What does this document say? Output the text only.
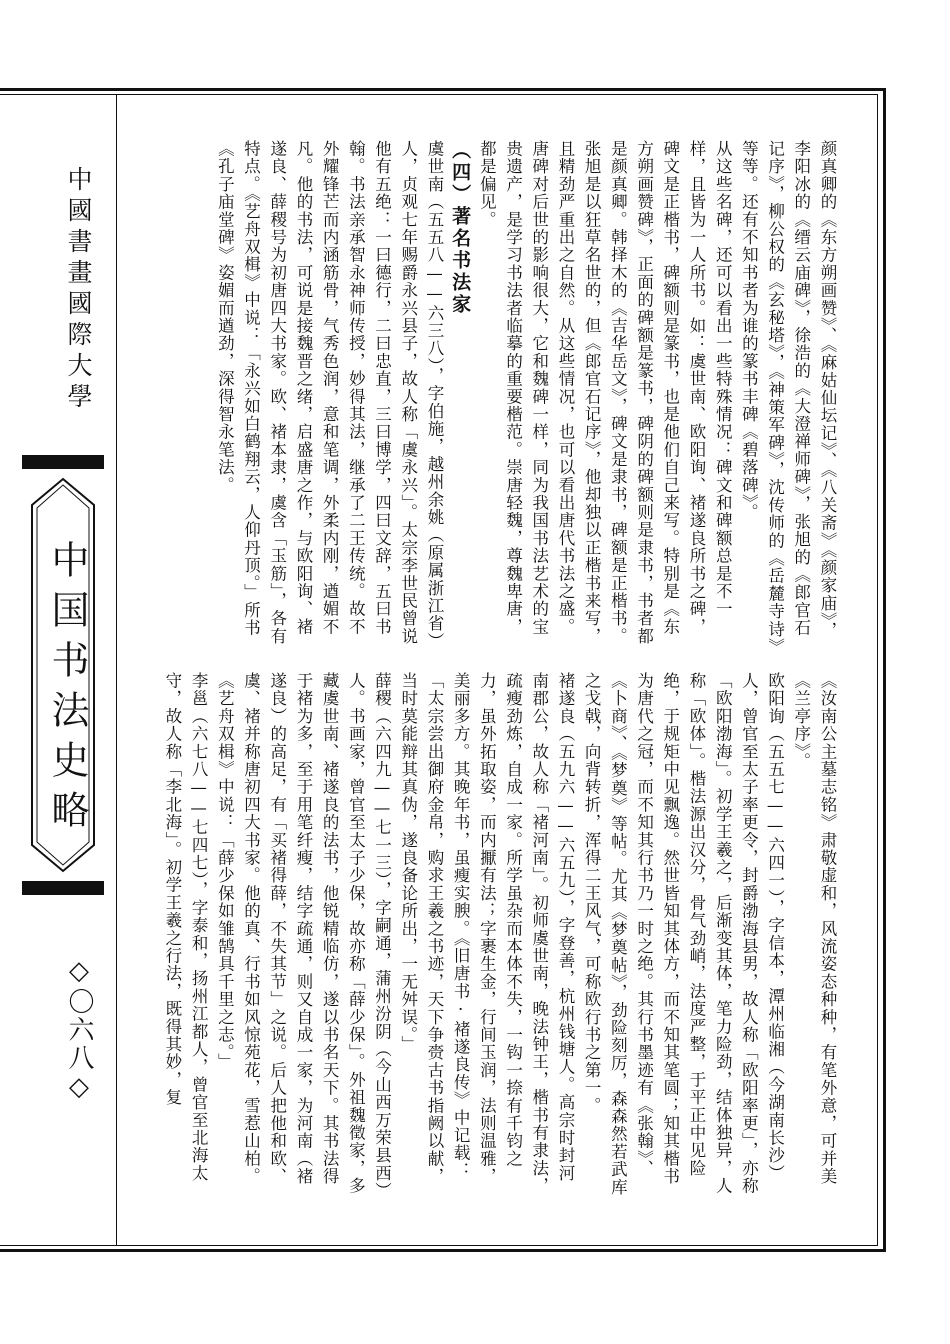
中國書畫國際大學
中国书法史略
◇〇六八◇

颜真卿的《东方朔画赞》、《麻姑仙坛记》、《八关斋》《颜家庙》，李阳冰的《缙云庙碑》，徐浩的《大澄禅师碑》，张旭的《郎官石记序》，柳公权的《玄秘塔》，《神策军碑》，沈传师的《岳麓寺诗》等等。还有不知书者为谁的篆书丰碑《碧落碑》。

从这些名碑，还可以看出一些特殊情况：碑文和碑额总是不一样，且皆为一人所书。如：虞世南、欧阳询、褚遂良所书之碑，碑文是正楷书，碑额则是篆书，也是他们自己来写。特别是《东方朔画赞碑》，正面的碑额是篆书，碑阴的碑额则是隶书，书者都是颜真卿。韩择木的《吉华岳文》，碑文是隶书，碑额是正楷书。张旭是以狂草名世的，但《郎官石记序》，他却独以正楷书来写，且精劲严重出之自然。从这些情况，也可以看出唐代书法之盛。

唐碑对后世的影响很大，它和魏碑一样，同为我国书法艺术的宝贵遗产，是学习书法者临摹的重要楷范。崇唐轻魏，尊魏卑唐，都是偏见。

（四）著名书法家

虞世南（五五八——六三八），字伯施，越州余姚（原属浙江省）人，贞观七年赐爵永兴县子，故人称「虞永兴」。太宗李世民曾说他有五绝：一曰德行，二曰忠直，三曰博学，四曰文辞，五曰书翰。书法亲承智永神师传授，妙得其法，继承了二王传统。故不外耀锋芒而内涵筋骨，气秀色润，意和笔调，外柔内刚，遒媚不凡。他的书法，可说是接魏晋之绪，启盛唐之作，与欧阳询、褚遂良、薛稷号为初唐四大书家。欧、褚本隶，虞含「玉筋」，各有特点。《艺舟双楫》中说：「永兴如白鹤翔云，人仰丹顶。」所书《孔子庙堂碑》姿媚而遒劲，深得智永笔法。

《汝南公主墓志铭》肃敬虚和，风流姿态种种，有笔外意，可并美《兰亭序》。

欧阳询（五五七——六四一），字信本，潭州临湘（今湖南长沙）人，曾官至太子率更令，封爵渤海县男，故人称「欧阳率更」，亦称「欧阳渤海」。初学王羲之，后渐变其体，笔力险劲，结体独异，人称「欧体」。楷法源出汉分，骨气劲峭，法度严整，于平正中见险绝，于规矩中见飘逸。然世皆知其体方，而不知其笔圆；知其楷书为唐代之冠，而不知其行书乃一时之绝。其行书墨迹有《张翰》、《卜商》、《梦奠》等帖。尤其《梦奠帖》，劲险刻厉，森森然若武库之戈戟，向背转折，浑得二王风气，可称欧行书之第一。

褚遂良（五九六——六五九），字登善，杭州钱塘人。高宗时封河南郡公，故人称「褚河南」。初师虞世南，晚法钟王，楷书有隶法，疏瘦劲炼，自成一家。所学虽杂而本体不失，一钩一捺有千钧之力，虽外拓取姿，而内擫有法；字裹生金，行间玉润，法则温雅，美丽多方。其晚年书，虽瘦实腴。《旧唐书·褚遂良传》中记载：「太宗尝出御府金帛，购求王羲之书迹，天下争赍古书指阙以献，当时莫能辩其真伪，遂良备论所出，一无舛误。」

薛稷（六四九——七一三），字嗣通，蒲州汾阴（今山西万荣县西）人。书画家，曾官至太子少保，故亦称「薛少保」。外祖魏徵家，多藏虞世南、褚遂良的法书，他锐精临仿，遂以书名天下。其书法得于褚为多，至于用笔纤瘦，结字疏通，则又自成一家，为河南（褚遂良）的高足，有「买褚得薛，不失其节」之说。后人把他和欧、虞、褚并称唐初四大书家。他的真、行书如风惊苑花，雪惹山柏。《艺舟双楫》中说：「薛少保如雏鹄具千里之志。」

李邕（六七八——七四七），字泰和，扬州江都人，曾官至北海太守，故人称「李北海」。初学王羲之行法，既得其妙，复
